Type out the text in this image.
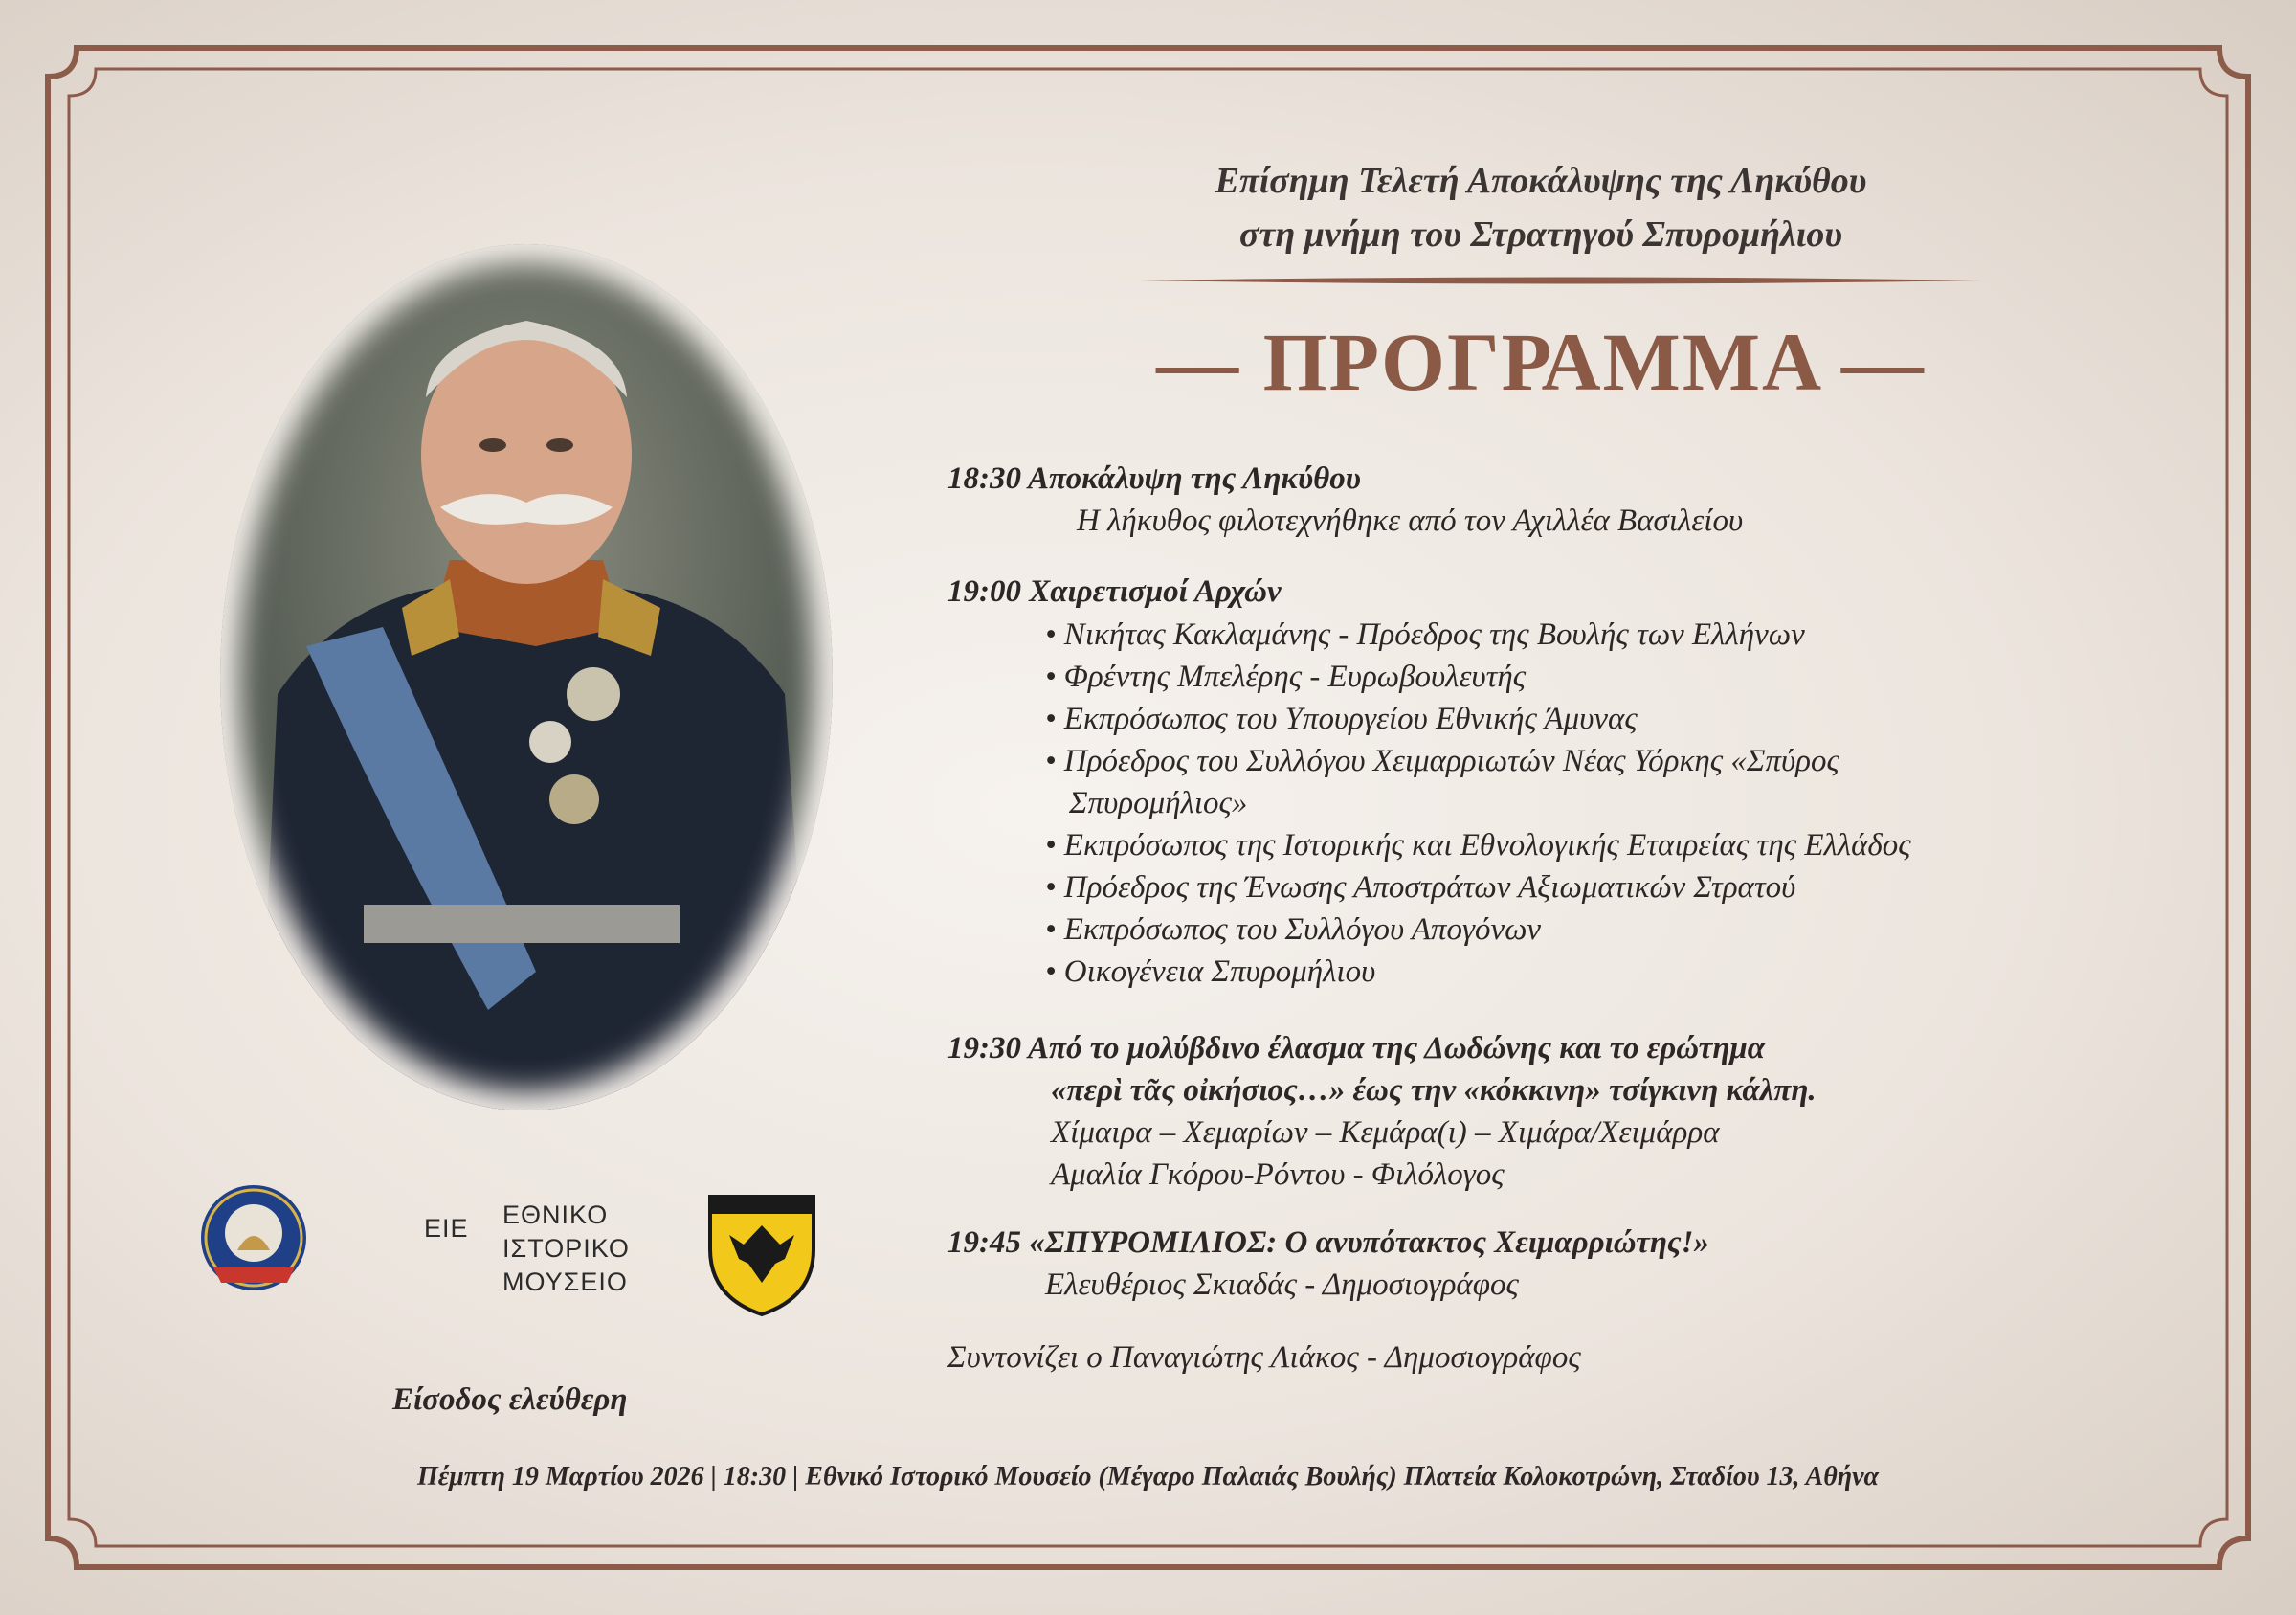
Επίσημη Τελετή Αποκάλυψης της Ληκύθου
στη μνήμη του Στρατηγού Σπυρομήλιου
— ΠΡΟΓΡΑΜΜΑ —
18:30 Αποκάλυψη της Ληκύθου
Η λήκυθος φιλοτεχνήθηκε από τον Αχιλλέα Βασιλείου
19:00 Χαιρετισμοί Αρχών
• Νικήτας Κακλαμάνης - Πρόεδρος της Βουλής των Ελλήνων
• Φρέντης Μπελέρης - Ευρωβουλευτής
• Εκπρόσωπος του Υπουργείου Εθνικής Άμυνας
• Πρόεδρος του Συλλόγου Χειμαρριωτών Νέας Υόρκης «Σπύρος
Σπυρομήλιος»
• Εκπρόσωπος της Ιστορικής και Εθνολογικής Εταιρείας της Ελλάδος
• Πρόεδρος της Ένωσης Αποστράτων Αξιωματικών Στρατού
• Εκπρόσωπος του Συλλόγου Απογόνων
• Οικογένεια Σπυρομήλιου
19:30 Από το μολύβδινο έλασμα της Δωδώνης και το ερώτημα
«περὶ τᾶς οἰκήσιος…» έως την «κόκκινη» τσίγκινη κάλπη.
Χίμαιρα – Χεμαρίων – Κεμάρα(ι) – Χιμάρα/Χειμάρρα
Αμαλία Γκόρου-Ρόντου - Φιλόλογος
19:45 «ΣΠΥΡΟΜΙΛΙΟΣ: Ο ανυπότακτος Χειμαρριώτης!»
Ελευθέριος Σκιαδάς - Δημοσιογράφος
Συντονίζει ο Παναγιώτης Λιάκος - Δημοσιογράφος
ΕΙΕ ΕΘΝΙΚΟ
ΙΣΤΟΡΙΚΟ
ΜΟΥΣΕΙΟ
Είσοδος ελεύθερη
Πέμπτη 19 Μαρτίου 2026 | 18:30 | Εθνικό Ιστορικό Μουσείο (Μέγαρο Παλαιάς Βουλής) Πλατεία Κολοκοτρώνη, Σταδίου 13, Αθήνα
